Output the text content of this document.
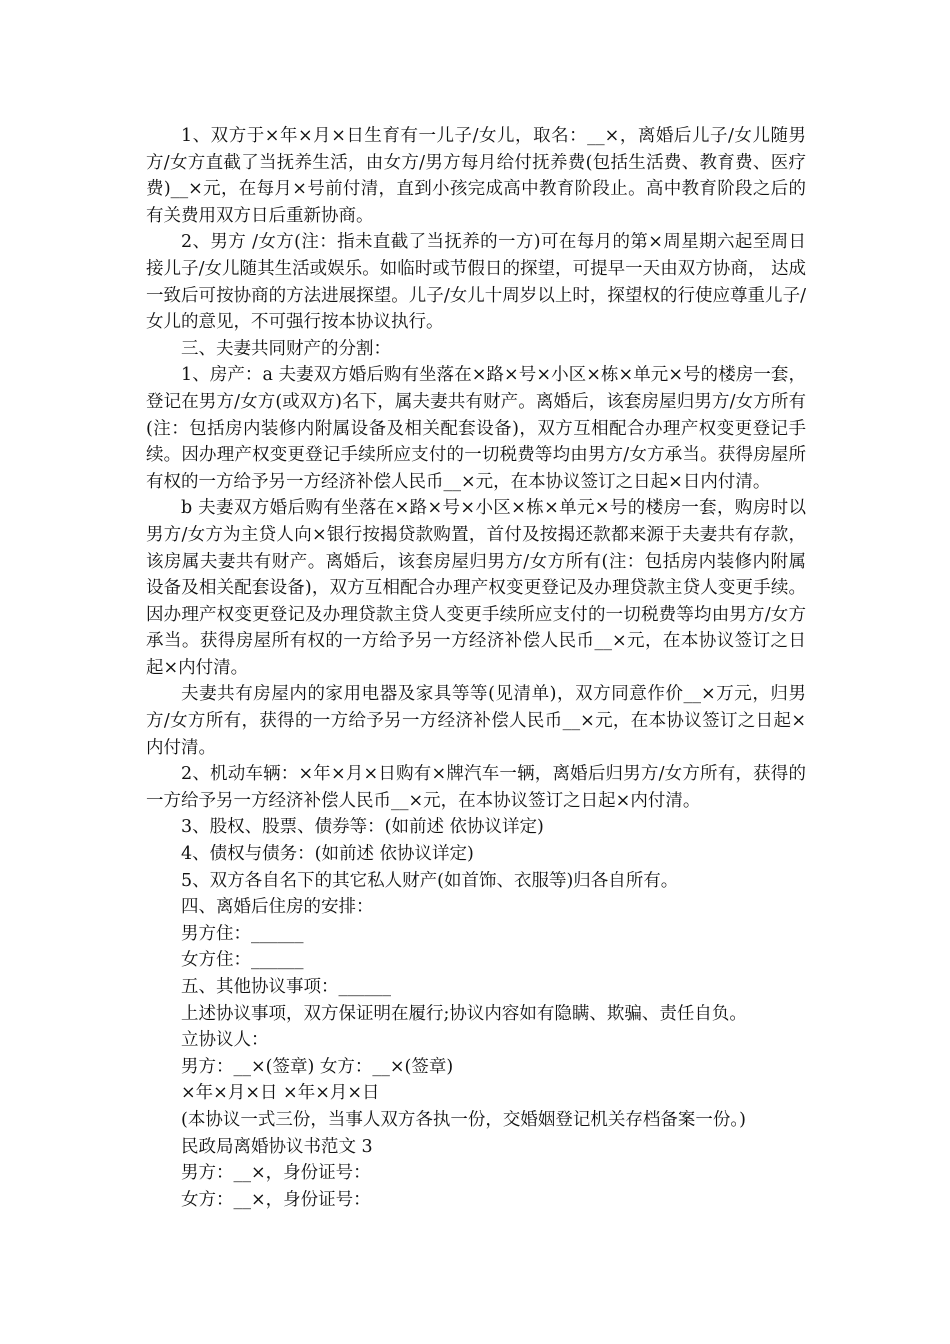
1、双方于×年×月×日生育有一儿子/女儿，取名：__×，离婚后儿子/女儿随男方/女方直截了当抚养生活，由女方/男方每月给付抚养费(包括生活费、教育费、医疗费)__×元，在每月×号前付清，直到小孩完成高中教育阶段止。高中教育阶段之后的有关费用双方日后重新协商。

2、男方 /女方(注：指未直截了当抚养的一方)可在每月的第×周星期六起至周日接儿子/女儿随其生活或娱乐。如临时或节假日的探望，可提早一天由双方协商， 达成一致后可按协商的方法进展探望。儿子/女儿十周岁以上时，探望权的行使应尊重儿子/女儿的意见，不可强行按本协议执行。

三、夫妻共同财产的分割：

1、房产：a 夫妻双方婚后购有坐落在×路×号×小区×栋×单元×号的楼房一套，登记在男方/女方(或双方)名下，属夫妻共有财产。离婚后，该套房屋归男方/女方所有(注：包括房内装修内附属设备及相关配套设备)，双方互相配合办理产权变更登记手续。因办理产权变更登记手续所应支付的一切税费等均由男方/女方承当。获得房屋所有权的一方给予另一方经济补偿人民币__×元，在本协议签订之日起×日内付清。

b 夫妻双方婚后购有坐落在×路×号×小区×栋×单元×号的楼房一套，购房时以男方/女方为主贷人向×银行按揭贷款购置，首付及按揭还款都来源于夫妻共有存款，该房属夫妻共有财产。离婚后，该套房屋归男方/女方所有(注：包括房内装修内附属设备及相关配套设备)，双方互相配合办理产权变更登记及办理贷款主贷人变更手续。因办理产权变更登记及办理贷款主贷人变更手续所应支付的一切税费等均由男方/女方承当。获得房屋所有权的一方给予另一方经济补偿人民币__×元，在本协议签订之日起×内付清。

夫妻共有房屋内的家用电器及家具等等(见清单)，双方同意作价__×万元，归男方/女方所有，获得的一方给予另一方经济补偿人民币__×元，在本协议签订之日起×内付清。

2、机动车辆：×年×月×日购有×牌汽车一辆，离婚后归男方/女方所有，获得的一方给予另一方经济补偿人民币__×元，在本协议签订之日起×内付清。

3、股权、股票、债券等：(如前述 依协议详定)

4、债权与债务：(如前述 依协议详定)

5、双方各自名下的其它私人财产(如首饰、衣服等)归各自所有。

四、离婚后住房的安排：

男方住：______

女方住：______

五、其他协议事项：______

上述协议事项，双方保证明在履行;协议内容如有隐瞒、欺骗、责任自负。

立协议人：

男方：__×(签章) 女方：__×(签章)

×年×月×日 ×年×月×日

(本协议一式三份，当事人双方各执一份，交婚姻登记机关存档备案一份。)

民政局离婚协议书范文 3

男方：__×，身份证号：

女方：__×，身份证号：
